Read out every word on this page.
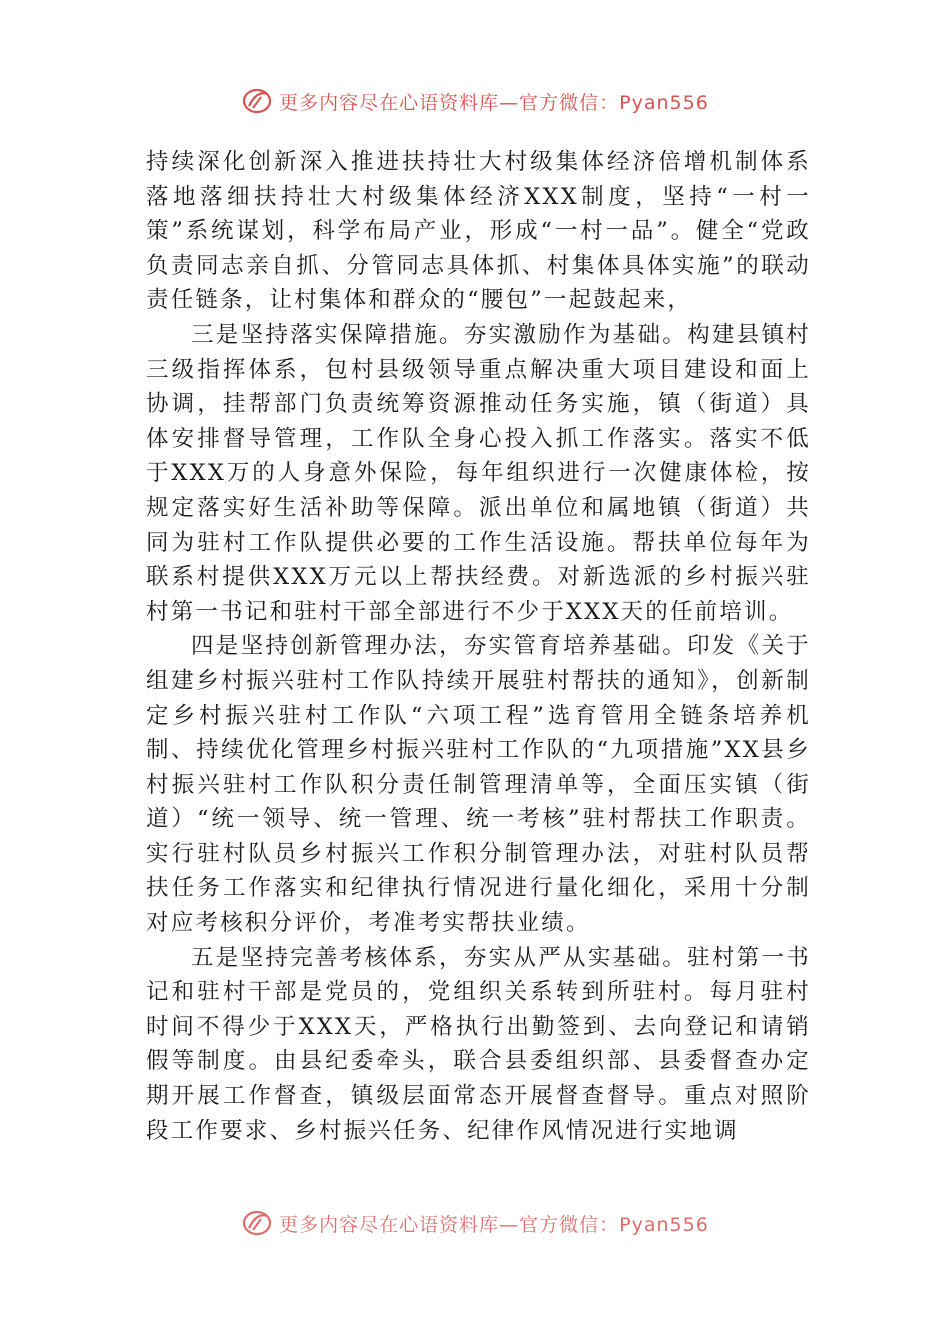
更多内容尽在心语资料库—官方微信：Pyan556

持续深化创新深入推进扶持壮大村级集体经济倍增机制体系落地落细扶持壮大村级集体经济XXX制度，坚持“一村一策”系统谋划，科学布局产业，形成“一村一品”。健全“党政负责同志亲自抓、分管同志具体抓、村集体具体实施”的联动责任链条，让村集体和群众的“腰包”一起鼓起来，

三是坚持落实保障措施。夯实激励作为基础。构建县镇村三级指挥体系，包村县级领导重点解决重大项目建设和面上协调，挂帮部门负责统筹资源推动任务实施，镇（街道）具体安排督导管理，工作队全身心投入抓工作落实。落实不低于XXX万的人身意外保险，每年组织进行一次健康体检，按规定落实好生活补助等保障。派出单位和属地镇（街道）共同为驻村工作队提供必要的工作生活设施。帮扶单位每年为联系村提供XXX万元以上帮扶经费。对新选派的乡村振兴驻村第一书记和驻村干部全部进行不少于XXX天的任前培训。

四是坚持创新管理办法，夯实管育培养基础。印发《关于组建乡村振兴驻村工作队持续开展驻村帮扶的通知》，创新制定乡村振兴驻村工作队“六项工程”选育管用全链条培养机制、持续优化管理乡村振兴驻村工作队的“九项措施”XX县乡村振兴驻村工作队积分责任制管理清单等，全面压实镇（街道）“统一领导、统一管理、统一考核”驻村帮扶工作职责。实行驻村队员乡村振兴工作积分制管理办法，对驻村队员帮扶任务工作落实和纪律执行情况进行量化细化，采用十分制对应考核积分评价，考准考实帮扶业绩。

五是坚持完善考核体系，夯实从严从实基础。驻村第一书记和驻村干部是党员的，党组织关系转到所驻村。每月驻村时间不得少于XXX天，严格执行出勤签到、去向登记和请销假等制度。由县纪委牵头，联合县委组织部、县委督查办定期开展工作督查，镇级层面常态开展督查督导。重点对照阶段工作要求、乡村振兴任务、纪律作风情况进行实地调

更多内容尽在心语资料库—官方微信：Pyan556
